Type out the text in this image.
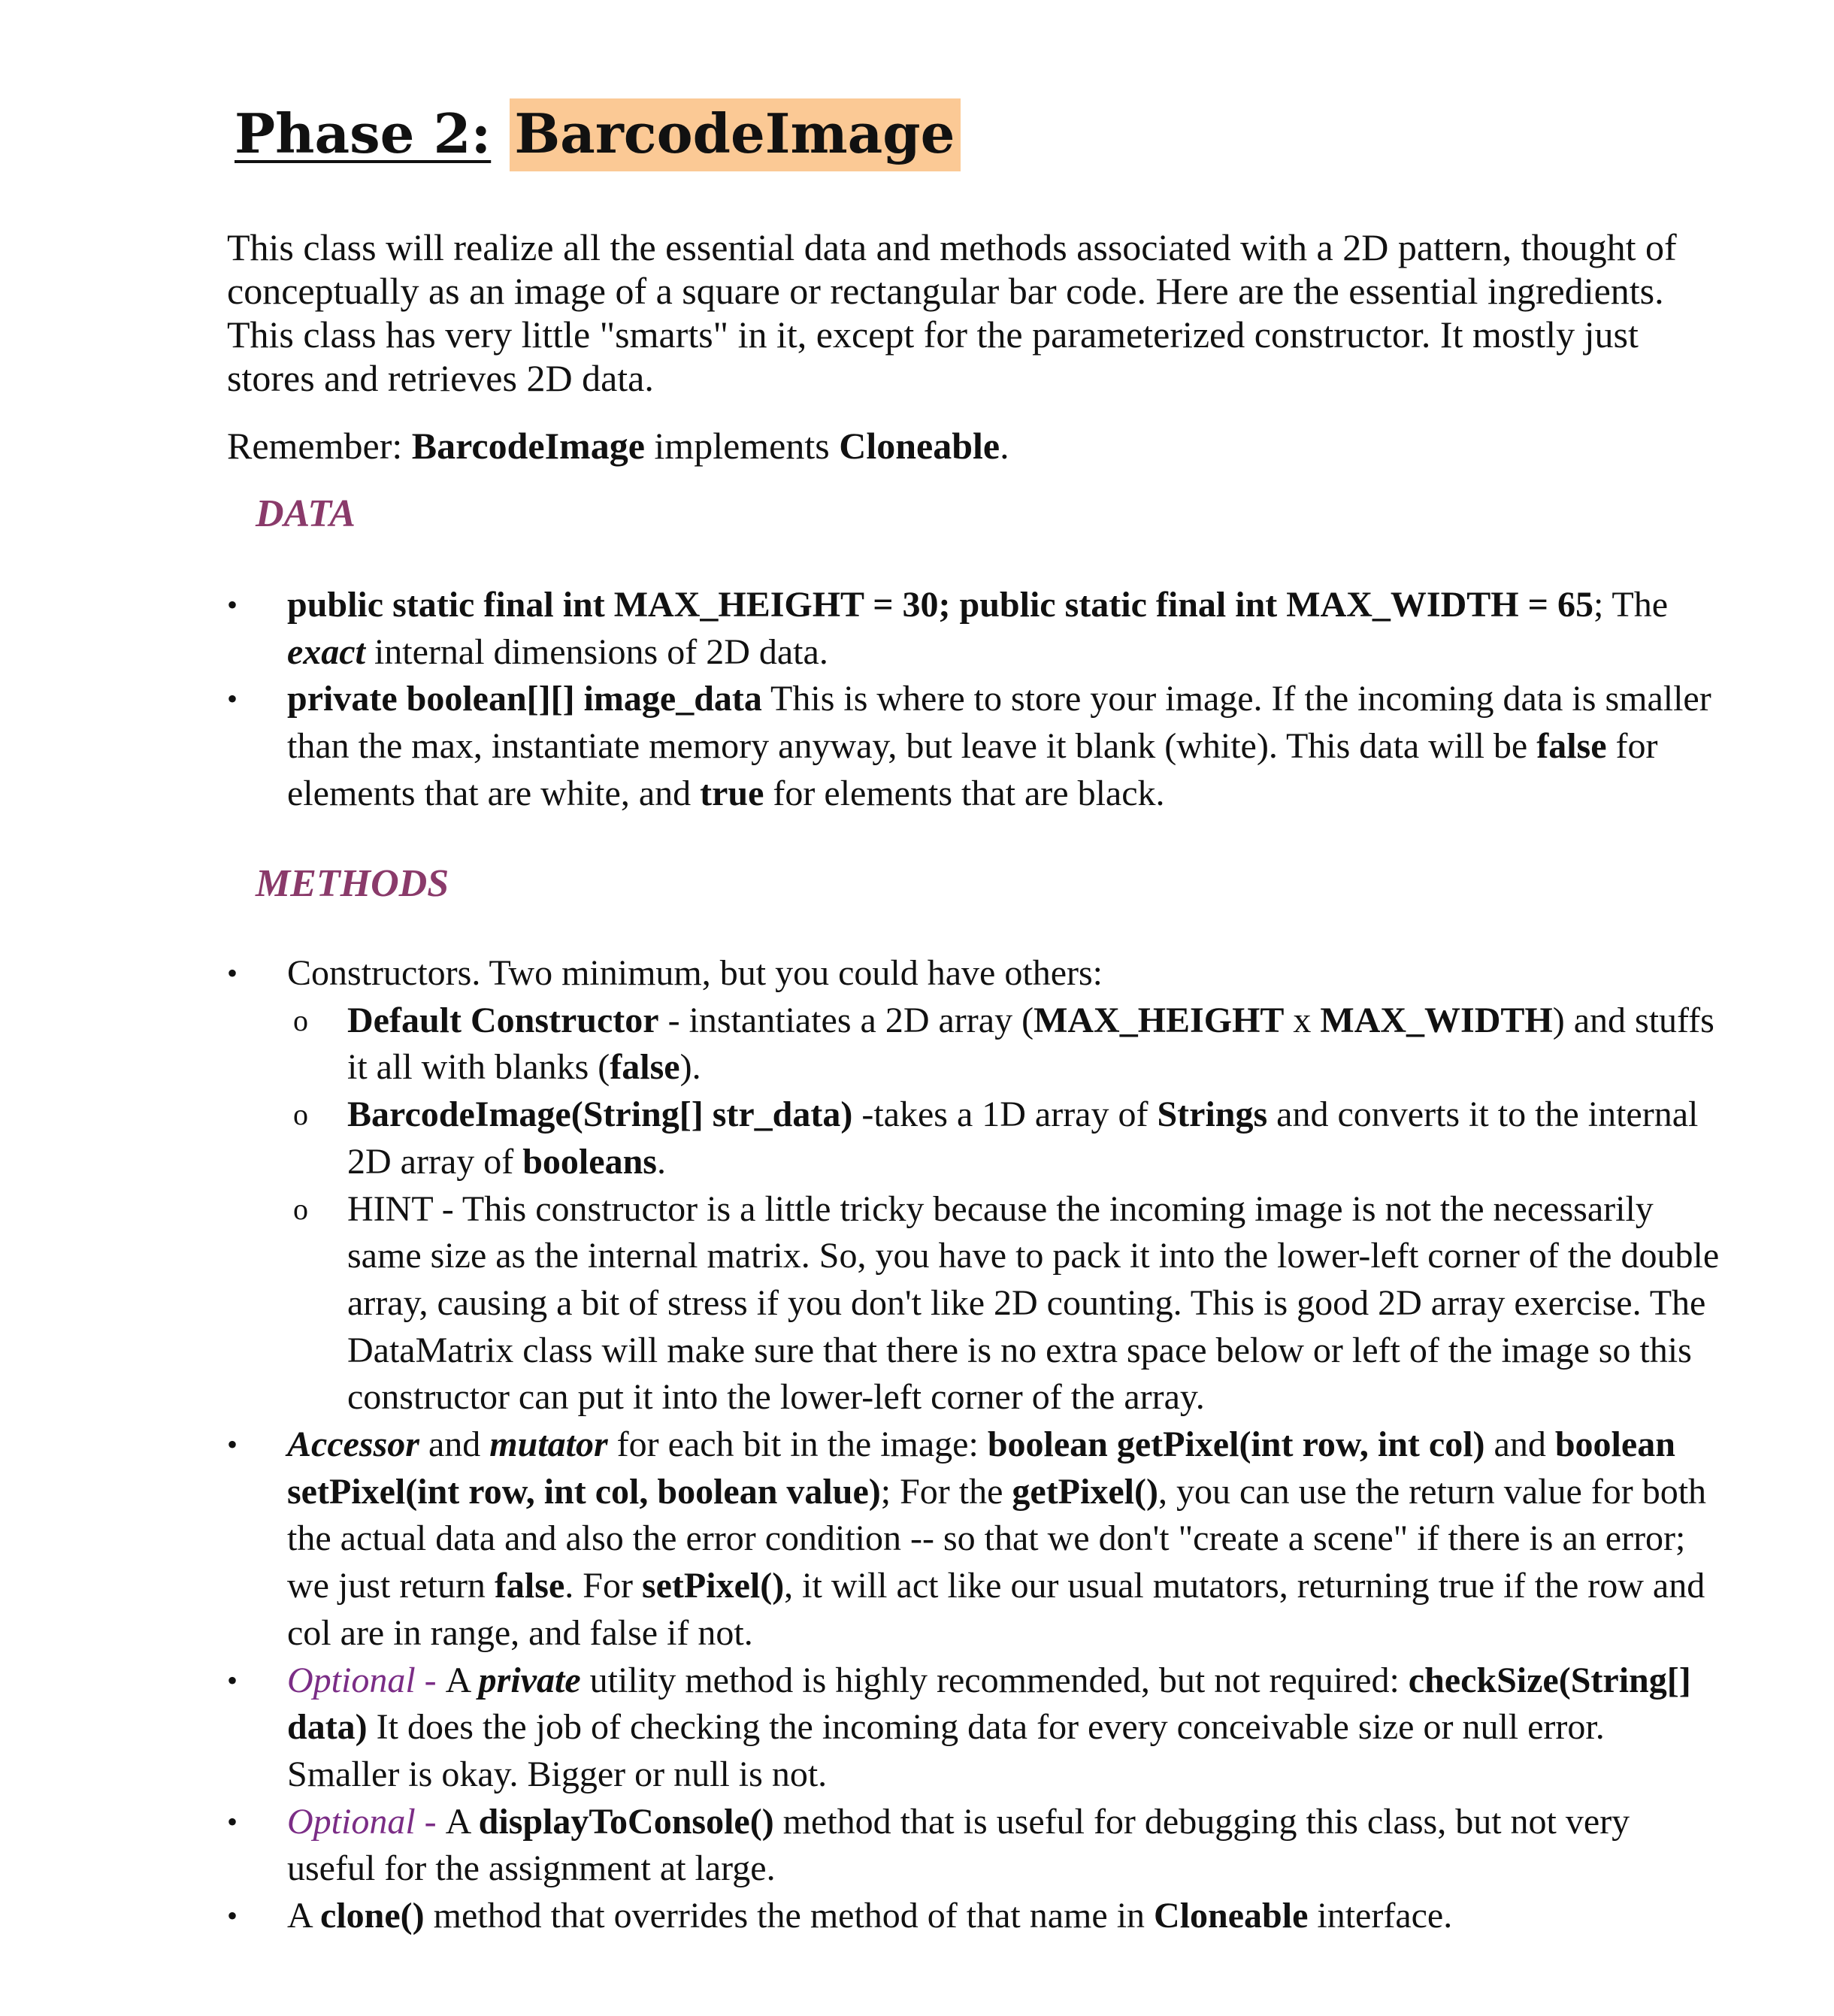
Phase 2: BarcodeImage

This class will realize all the essential data and methods associated with a 2D pattern, thought of conceptually as an image of a square or rectangular bar code. Here are the essential ingredients. This class has very little "smarts" in it, except for the parameterized constructor. It mostly just stores and retrieves 2D data.

Remember: BarcodeImage implements Cloneable.

DATA
• public static final int MAX_HEIGHT = 30; public static final int MAX_WIDTH = 65; The exact internal dimensions of 2D data.
• private boolean[][] image_data This is where to store your image. If the incoming data is smaller than the max, instantiate memory anyway, but leave it blank (white). This data will be false for elements that are white, and true for elements that are black.
METHODS
• Constructors. Two minimum, but you could have others:
o Default Constructor - instantiates a 2D array (MAX_HEIGHT x MAX_WIDTH) and stuffs it all with blanks (false).
o BarcodeImage(String[] str_data) -takes a 1D array of Strings and converts it to the internal 2D array of booleans.
o HINT - This constructor is a little tricky because the incoming image is not the necessarily same size as the internal matrix. So, you have to pack it into the lower-left corner of the double array, causing a bit of stress if you don't like 2D counting. This is good 2D array exercise. The DataMatrix class will make sure that there is no extra space below or left of the image so this constructor can put it into the lower-left corner of the array.
• Accessor and mutator for each bit in the image: boolean getPixel(int row, int col) and boolean setPixel(int row, int col, boolean value); For the getPixel(), you can use the return value for both the actual data and also the error condition -- so that we don't "create a scene" if there is an error; we just return false. For setPixel(), it will act like our usual mutators, returning true if the row and col are in range, and false if not.
• Optional - A private utility method is highly recommended, but not required: checkSize(String[] data) It does the job of checking the incoming data for every conceivable size or null error. Smaller is okay. Bigger or null is not.
• Optional - A displayToConsole() method that is useful for debugging this class, but not very useful for the assignment at large.
• A clone() method that overrides the method of that name in Cloneable interface.
